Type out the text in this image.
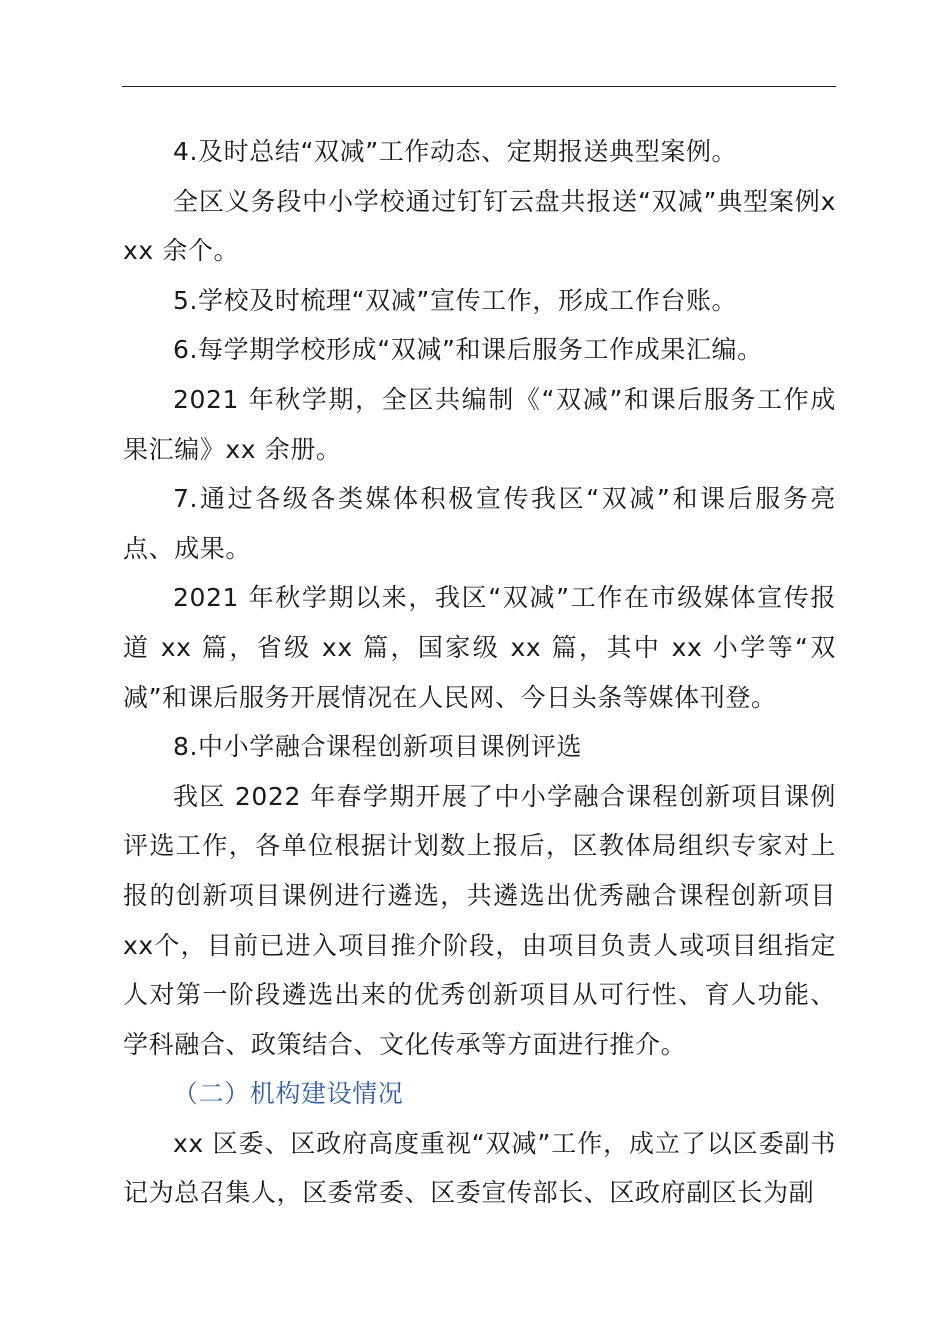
4.及时总结“双减”工作动态、定期报送典型案例。

全区义务段中小学校通过钉钉云盘共报送“双减”典型案例xxx 余个。

5.学校及时梳理“双减”宣传工作，形成工作台账。

6.每学期学校形成“双减”和课后服务工作成果汇编。

2021 年秋学期，全区共编制《“双减”和课后服务工作成果汇编》xx 余册。

7.通过各级各类媒体积极宣传我区“双减”和课后服务亮点、成果。

2021 年秋学期以来，我区“双减”工作在市级媒体宣传报道 xx 篇，省级 xx 篇，国家级 xx 篇，其中 xx 小学等“双减”和课后服务开展情况在人民网、今日头条等媒体刊登。

8.中小学融合课程创新项目课例评选

我区 2022 年春学期开展了中小学融合课程创新项目课例评选工作，各单位根据计划数上报后，区教体局组织专家对上报的创新项目课例进行遴选，共遴选出优秀融合课程创新项目 xx个，目前已进入项目推介阶段，由项目负责人或项目组指定人对第一阶段遴选出来的优秀创新项目从可行性、育人功能、学科融合、政策结合、文化传承等方面进行推介。

（二）机构建设情况

xx 区委、区政府高度重视“双减”工作，成立了以区委副书记为总召集人，区委常委、区委宣传部长、区政府副区长为副
